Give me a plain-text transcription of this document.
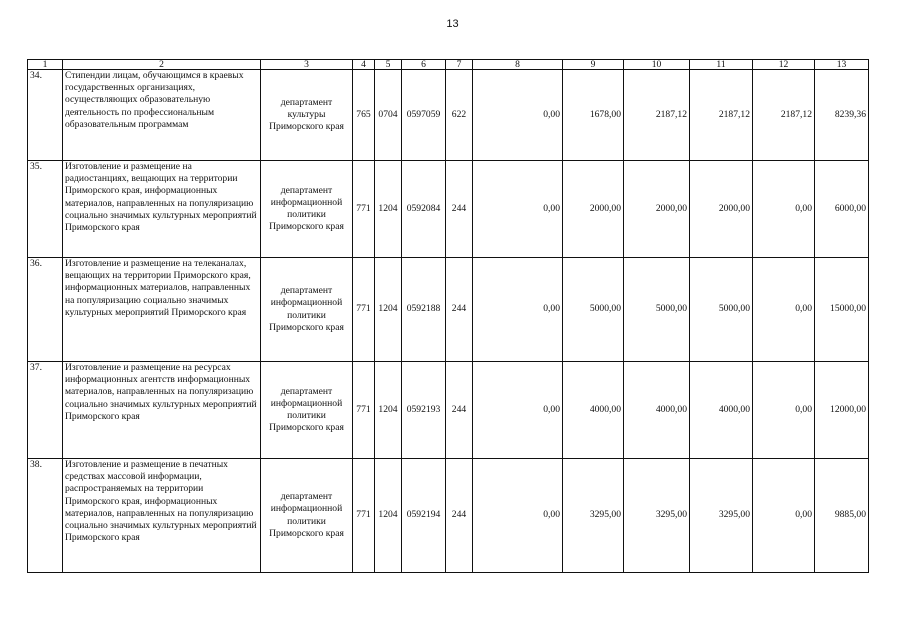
13
1	2	3	4	5	6	7	8	9	10	11	12	13
34.	Стипендии лицам, обучающимся в краевых государственных организациях, осуществляющих образовательную деятельность по профессиональным образовательным программам	департамент культуры Приморского края	765	0704	0597059	622	0,00	1678,00	2187,12	2187,12	2187,12	8239,36
35.	Изготовление и размещение на радиостанциях, вещающих на территории Приморского края, информационных материалов, направленных на популяризацию социально значимых культурных мероприятий Приморского края	департамент информационной политики Приморского края	771	1204	0592084	244	0,00	2000,00	2000,00	2000,00	0,00	6000,00
36.	Изготовление и размещение на телеканалах, вещающих на территории Приморского края, информационных материалов, направленных на популяризацию социально значимых культурных мероприятий Приморского края	департамент информационной политики Приморского края	771	1204	0592188	244	0,00	5000,00	5000,00	5000,00	0,00	15000,00
37.	Изготовление и размещение на ресурсах информационных агентств информационных материалов, направленных на популяризацию социально значимых культурных мероприятий Приморского края	департамент информационной политики Приморского края	771	1204	0592193	244	0,00	4000,00	4000,00	4000,00	0,00	12000,00
38.	Изготовление и размещение в печатных средствах массовой информации, распространяемых на территории Приморского края, информационных материалов, направленных на популяризацию социально значимых культурных мероприятий Приморского края	департамент информационной политики Приморского края	771	1204	0592194	244	0,00	3295,00	3295,00	3295,00	0,00	9885,00
